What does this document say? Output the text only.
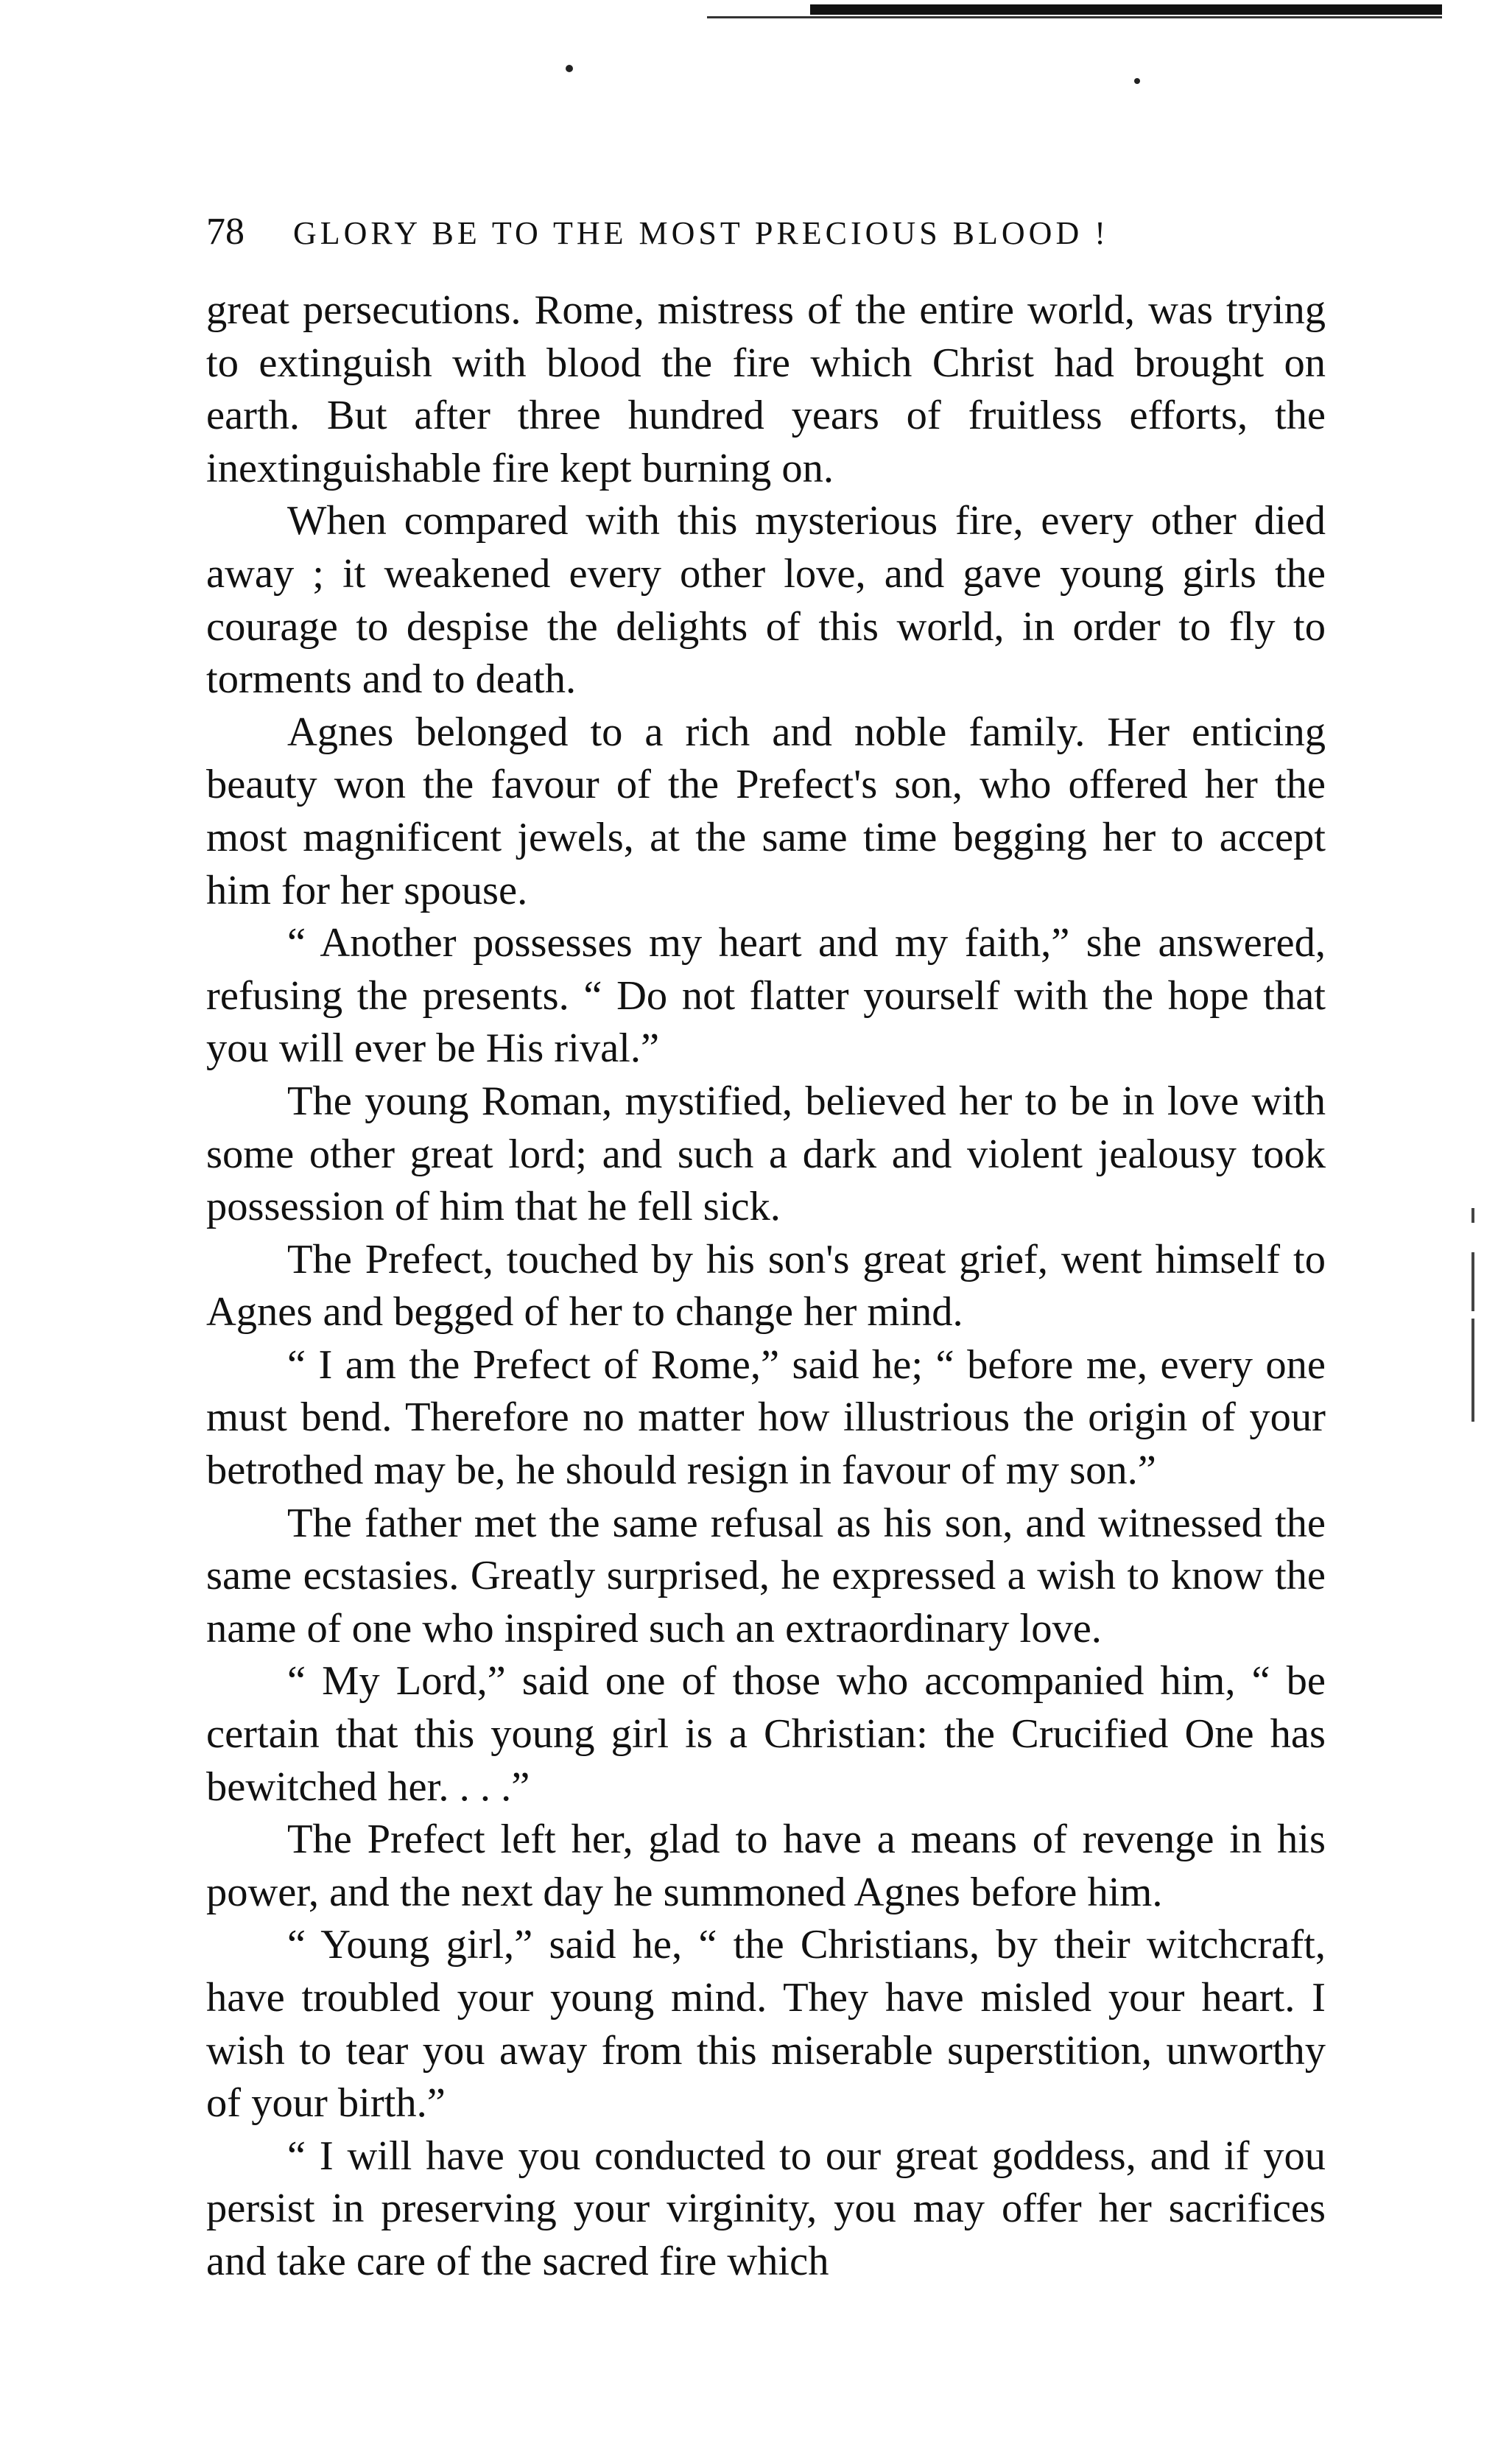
78	GLORY BE TO THE MOST PRECIOUS BLOOD !

great persecutions. Rome, mistress of the entire world, was trying to extinguish with blood the fire which Christ had brought on earth. But after three hundred years of fruitless efforts, the inextinguishable fire kept burning on.

When compared with this mysterious fire, every other died away ; it weakened every other love, and gave young girls the courage to despise the delights of this world, in order to fly to torments and to death.

Agnes belonged to a rich and noble family. Her enticing beauty won the favour of the Prefect's son, who offered her the most magnificent jewels, at the same time begging her to accept him for her spouse.

“ Another possesses my heart and my faith,” she answered, refusing the presents. “ Do not flatter yourself with the hope that you will ever be His rival.”

The young Roman, mystified, believed her to be in love with some other great lord; and such a dark and violent jealousy took possession of him that he fell sick.

The Prefect, touched by his son's great grief, went himself to Agnes and begged of her to change her mind.

“ I am the Prefect of Rome,” said he; “ before me, every one must bend. Therefore no matter how illustrious the origin of your betrothed may be, he should resign in favour of my son.”

The father met the same refusal as his son, and witnessed the same ecstasies. Greatly surprised, he expressed a wish to know the name of one who inspired such an extraordinary love.

“ My Lord,” said one of those who accompanied him, “ be certain that this young girl is a Christian: the Crucified One has bewitched her. . . .”

The Prefect left her, glad to have a means of revenge in his power, and the next day he summoned Agnes before him.

“ Young girl,” said he, “ the Christians, by their witchcraft, have troubled your young mind. They have misled your heart. I wish to tear you away from this miserable superstition, unworthy of your birth.”

“ I will have you conducted to our great goddess, and if you persist in preserving your virginity, you may offer her sacrifices and take care of the sacred fire which
